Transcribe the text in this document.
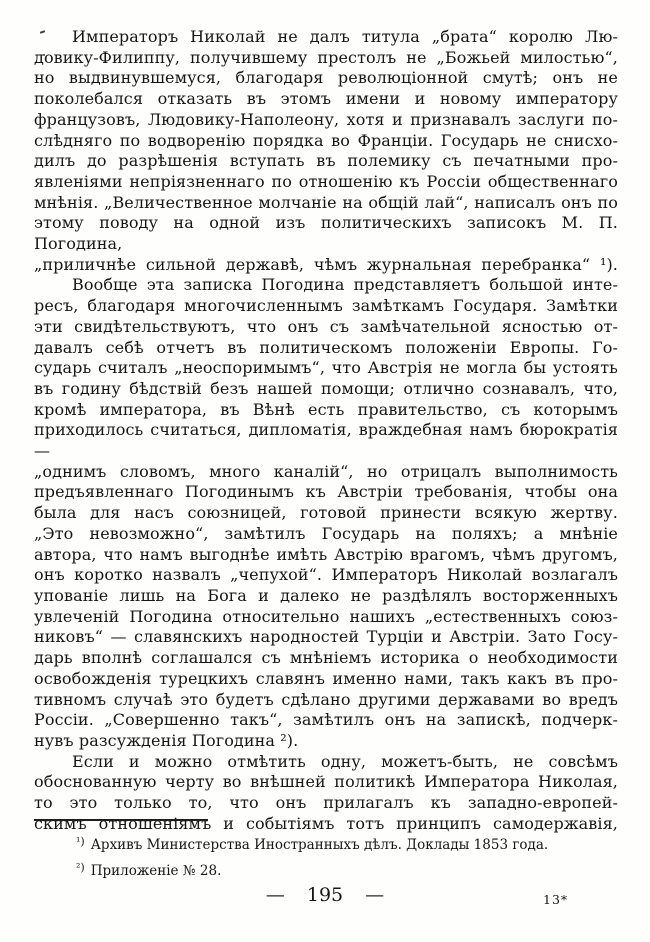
Императоръ Николай не далъ титула „брата“ королю Лю-
довику-Филиппу, получившему престолъ не „Божьей милостью“,
но выдвинувшемуся, благодаря революціонной смутѣ; онъ не
поколебался отказать въ этомъ имени и новому императору
французовъ, Людовику-Наполеону, хотя и признавалъ заслуги по-
слѣдняго по водворенію порядка во Франціи. Государь не снисхо-
дилъ до разрѣшенія вступать въ полемику съ печатными про-
явленіями непріязненнаго по отношенію къ Россіи общественнаго
мнѣнія. „Величественное молчаніе на общій лай“, написалъ онъ по
этому поводу на одной изъ политическихъ записокъ М. П. Погодина,
„приличнѣе сильной державѣ, чѣмъ журнальная перебранка“ ¹).
Вообще эта записка Погодина представляетъ большой инте-
ресъ, благодаря многочисленнымъ замѣткамъ Государя. Замѣтки
эти свидѣтельствуютъ, что онъ съ замѣчательной ясностью от-
давалъ себѣ отчетъ въ политическомъ положеніи Европы. Го-
сударь считалъ „неоспоримымъ“, что Австрія не могла бы устоять
въ годину бѣдствій безъ нашей помощи; отлично сознавалъ, что,
кромѣ императора, въ Вѣнѣ есть правительство, съ которымъ
приходилось считаться, дипломатія, враждебная намъ бюрократія—
„однимъ словомъ, много каналій“, но отрицалъ выполнимость
предъявленнаго Погодинымъ къ Австріи требованія, чтобы она
была для насъ союзницей, готовой принести всякую жертву.
„Это невозможно“, замѣтилъ Государь на поляхъ; а мнѣніе
автора, что намъ выгоднѣе имѣть Австрію врагомъ, чѣмъ другомъ,
онъ коротко назвалъ „чепухой“. Императоръ Николай возлагалъ
упованіе лишь на Бога и далеко не раздѣлялъ восторженныхъ
увлеченій Погодина относительно нашихъ „естественныхъ союз-
никовъ“ — славянскихъ народностей Турціи и Австріи. Зато Госу-
дарь вполнѣ соглашался съ мнѣніемъ историка о необходимости
освобожденія турецкихъ славянъ именно нами, такъ какъ въ про-
тивномъ случаѣ это будетъ сдѣлано другими державами во вредъ
Россіи. „Совершенно такъ“, замѣтилъ онъ на запискѣ, подчерк-
нувъ разсужденія Погодина ²).
Если и можно отмѣтить одну, можетъ-быть, не совсѣмъ
обоснованную черту во внѣшней политикѣ Императора Николая,
то это только то, что онъ прилагалъ къ западно-европей-
скимъ отношеніямъ и событіямъ тотъ принципъ самодержавія,
$^{^1)}$ Архивъ Министерства Иностранныхъ дѣлъ. Доклады 1853 года.
$^{^2)}$ Приложеніе № 28.
— 195 —	13*
